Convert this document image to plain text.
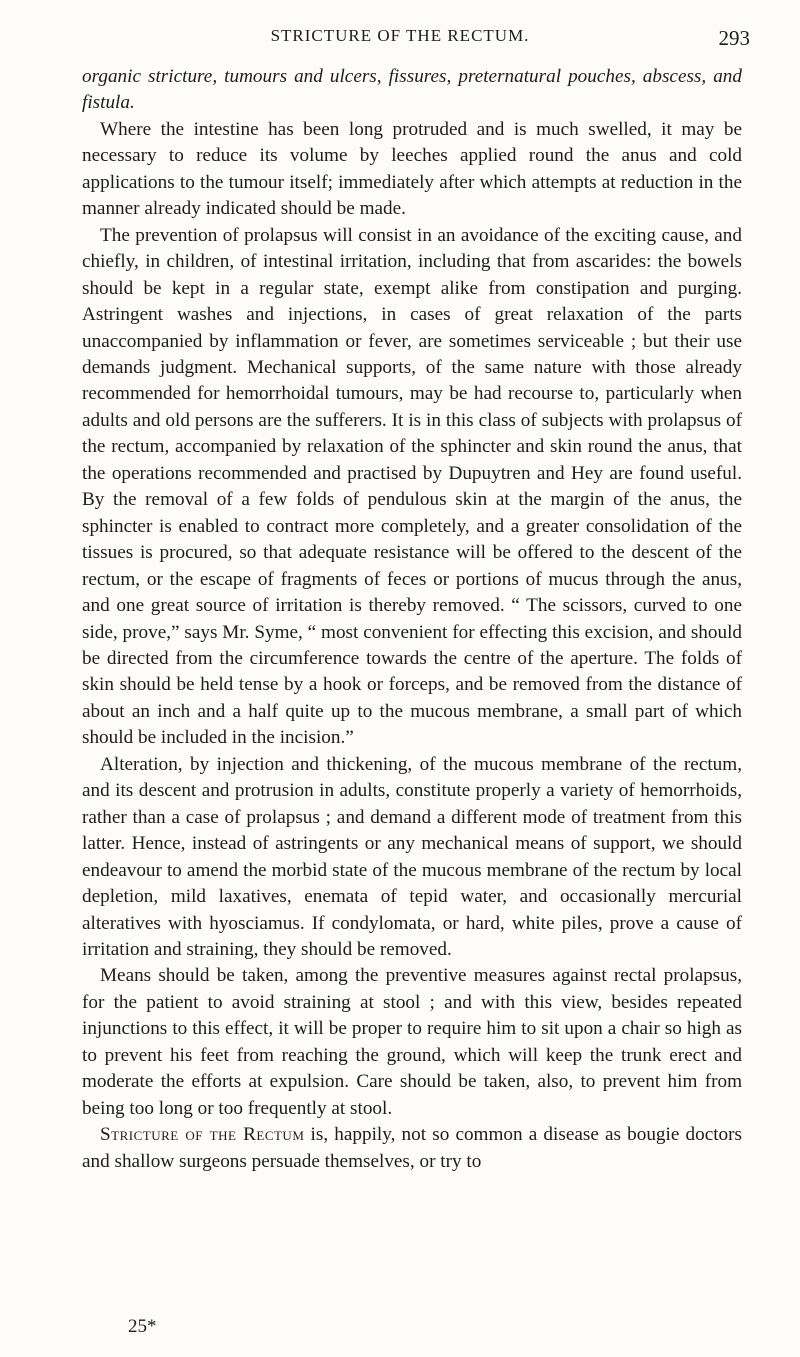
STRICTURE OF THE RECTUM.	293

organic stricture, tumours and ulcers, fissures, preternatural pouches, abscess, and fistula.

Where the intestine has been long protruded and is much swelled, it may be necessary to reduce its volume by leeches applied round the anus and cold applications to the tumour itself; immediately after which attempts at reduction in the manner already indicated should be made.

The prevention of prolapsus will consist in an avoidance of the exciting cause, and chiefly, in children, of intestinal irritation, including that from ascarides: the bowels should be kept in a regular state, exempt alike from constipation and purging. Astringent washes and injections, in cases of great relaxation of the parts unaccompanied by inflammation or fever, are sometimes serviceable ; but their use demands judgment. Mechanical supports, of the same nature with those already recommended for hemorrhoidal tumours, may be had recourse to, particularly when adults and old persons are the sufferers. It is in this class of subjects with prolapsus of the rectum, accompanied by relaxation of the sphincter and skin round the anus, that the operations recommended and practised by Dupuytren and Hey are found useful. By the removal of a few folds of pendulous skin at the margin of the anus, the sphincter is enabled to contract more completely, and a greater consolidation of the tissues is procured, so that adequate resistance will be offered to the descent of the rectum, or the escape of fragments of feces or portions of mucus through the anus, and one great source of irritation is thereby removed. “ The scissors, curved to one side, prove,” says Mr. Syme, “ most convenient for effecting this excision, and should be directed from the circumference towards the centre of the aperture. The folds of skin should be held tense by a hook or forceps, and be removed from the distance of about an inch and a half quite up to the mucous membrane, a small part of which should be included in the incision.”

Alteration, by injection and thickening, of the mucous membrane of the rectum, and its descent and protrusion in adults, constitute properly a variety of hemorrhoids, rather than a case of prolapsus ; and demand a different mode of treatment from this latter. Hence, instead of astringents or any mechanical means of support, we should endeavour to amend the morbid state of the mucous membrane of the rectum by local depletion, mild laxatives, enemata of tepid water, and occasionally mercurial alteratives with hyosciamus. If condylomata, or hard, white piles, prove a cause of irritation and straining, they should be removed.

Means should be taken, among the preventive measures against rectal prolapsus, for the patient to avoid straining at stool ; and with this view, besides repeated injunctions to this effect, it will be proper to require him to sit upon a chair so high as to prevent his feet from reaching the ground, which will keep the trunk erect and moderate the efforts at expulsion. Care should be taken, also, to prevent him from being too long or too frequently at stool.

Stricture of the Rectum is, happily, not so common a disease as bougie doctors and shallow surgeons persuade themselves, or try to

25*
